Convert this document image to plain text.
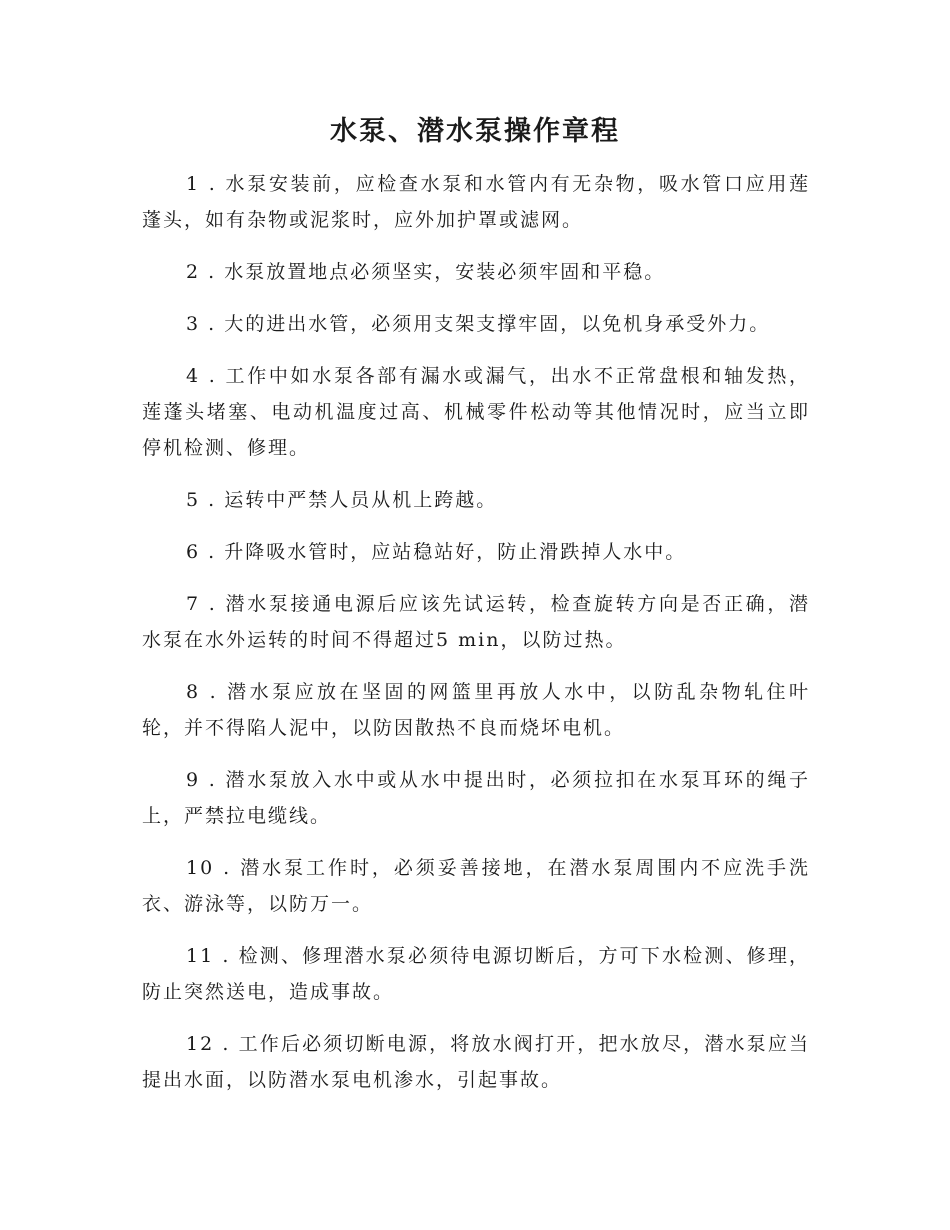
水泵、潜水泵操作章程

1 . 水泵安装前，应检查水泵和水管内有无杂物，吸水管口应用莲蓬头，如有杂物或泥浆时，应外加护罩或滤网。

2 . 水泵放置地点必须坚实，安装必须牢固和平稳。

3 . 大的进出水管，必须用支架支撑牢固，以免机身承受外力。

4 . 工作中如水泵各部有漏水或漏气，出水不正常盘根和轴发热，莲蓬头堵塞、电动机温度过高、机械零件松动等其他情况时，应当立即停机检测、修理。

5 . 运转中严禁人员从机上跨越。

6 . 升降吸水管时，应站稳站好，防止滑跌掉人水中。

7 . 潜水泵接通电源后应该先试运转，检查旋转方向是否正确，潜水泵在水外运转的时间不得超过5 min，以防过热。

8 . 潜水泵应放在坚固的网篮里再放人水中，以防乱杂物轧住叶轮，并不得陷人泥中，以防因散热不良而烧坏电机。

9 . 潜水泵放入水中或从水中提出时，必须拉扣在水泵耳环的绳子上，严禁拉电缆线。

10 . 潜水泵工作时，必须妥善接地，在潜水泵周围内不应洗手洗衣、游泳等，以防万一。

11 . 检测、修理潜水泵必须待电源切断后，方可下水检测、修理，防止突然送电，造成事故。

12 . 工作后必须切断电源，将放水阀打开，把水放尽，潜水泵应当提出水面，以防潜水泵电机渗水，引起事故。
